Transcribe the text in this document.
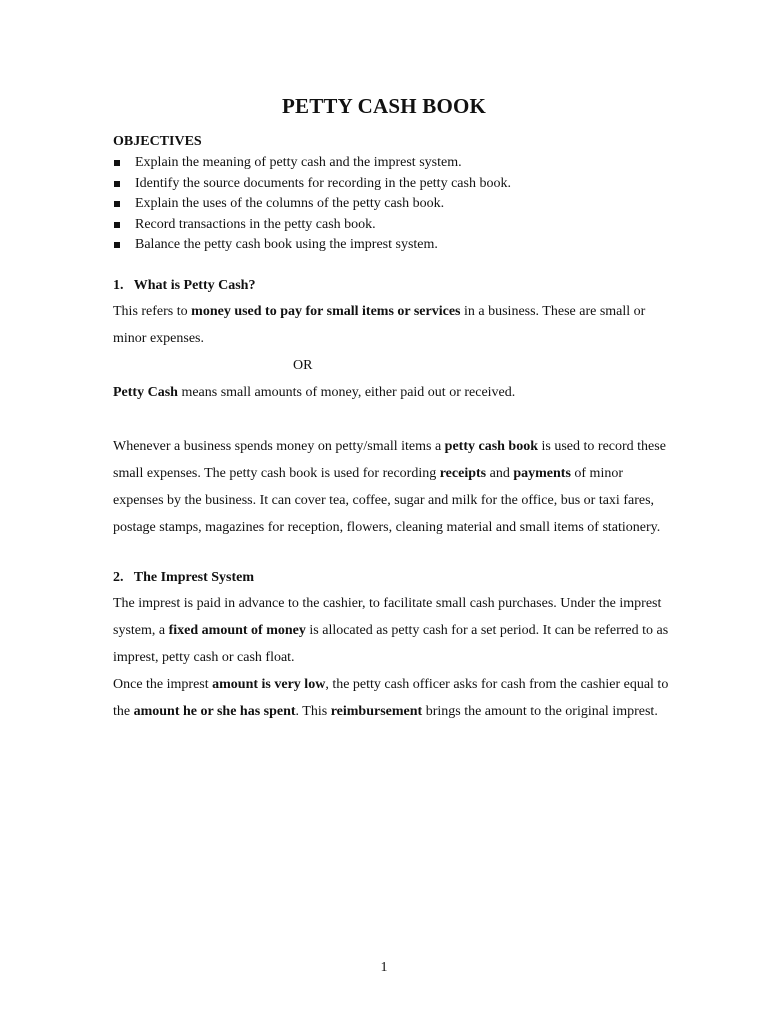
PETTY CASH BOOK
OBJECTIVES
Explain the meaning of petty cash and the imprest system.
Identify the source documents for recording in the petty cash book.
Explain the uses of the columns of the petty cash book.
Record transactions in the petty cash book.
Balance the petty cash book using the imprest system.
1.   What is Petty Cash?

This refers to money used to pay for small items or services in a business. These are small or minor expenses.

OR

Petty Cash means small amounts of money, either paid out or received.

Whenever a business spends money on petty/small items a petty cash book is used to record these small expenses. The petty cash book is used for recording receipts and payments of minor expenses by the business. It can cover tea, coffee, sugar and milk for the office, bus or taxi fares, postage stamps, magazines for reception, flowers, cleaning material and small items of stationery.

2.   The Imprest System

The imprest is paid in advance to the cashier, to facilitate small cash purchases. Under the imprest system, a fixed amount of money is allocated as petty cash for a set period. It can be referred to as imprest, petty cash or cash float.

Once the imprest amount is very low, the petty cash officer asks for cash from the cashier equal to the amount he or she has spent. This reimbursement brings the amount to the original imprest.

1
